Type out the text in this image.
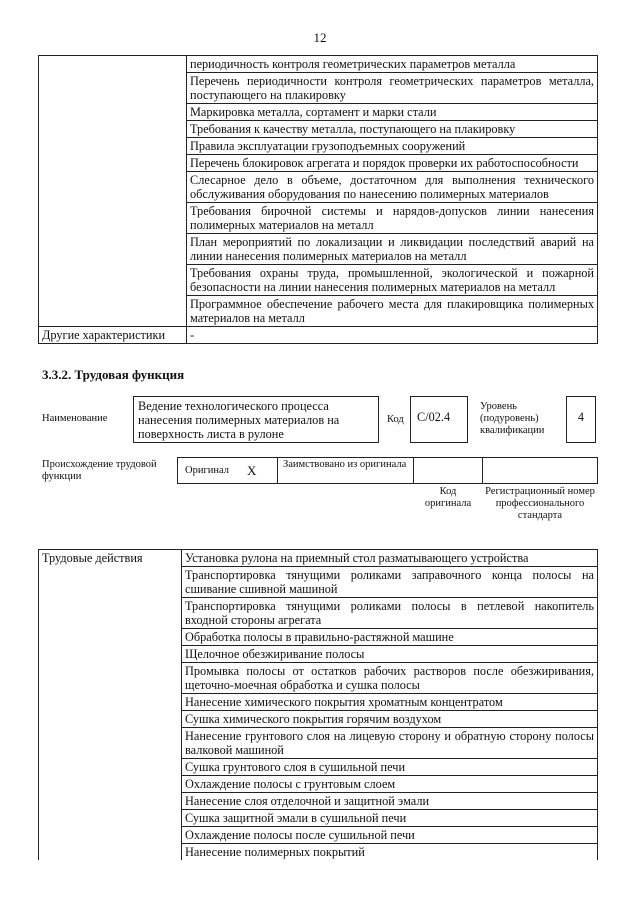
12
	периодичность контроля геометрических параметров металла
	Перечень периодичности контроля геометрических параметров металла, поступающего на плакировку
	Маркировка металла, сортамент и марки стали
	Требования к качеству металла, поступающего на плакировку
	Правила эксплуатации грузоподъемных сооружений
	Перечень блокировок агрегата и порядок проверки их работоспособности
	Слесарное дело в объеме, достаточном для выполнения технического обслуживания оборудования по нанесению полимерных материалов
	Требования бирочной системы и нарядов-допусков линии нанесения полимерных материалов на металл
	План мероприятий по локализации и ликвидации последствий аварий на линии нанесения полимерных материалов на металл
	Требования охраны труда, промышленной, экологической и пожарной безопасности на линии нанесения полимерных материалов на металл
	Программное обеспечение рабочего места для плакировщика полимерных материалов на металл
Другие характеристики	-
3.3.2. Трудовая функция
Наименование
Ведение технологического процесса нанесения полимерных материалов на поверхность листа в рулоне
Код	C/02.4
Уровень (подуровень) квалификации
4
Происхождение трудовой функции
Оригинал X	Заимствовано из оригинала
Код оригинала
Регистрационный номер профессионального стандарта
Трудовые действия	Установка рулона на приемный стол разматывающего устройства
Транспортировка тянущими роликами заправочного конца полосы на сшивание сшивной машиной
Транспортировка тянущими роликами полосы в петлевой накопитель входной стороны агрегата
Обработка полосы в правильно-растяжной машине
Щелочное обезжиривание полосы
Промывка полосы от остатков рабочих растворов после обезжиривания, щеточно-моечная обработка и сушка полосы
Нанесение химического покрытия хроматным концентратом
Сушка химического покрытия горячим воздухом
Нанесение грунтового слоя на лицевую сторону и обратную сторону полосы валковой машиной
Сушка грунтового слоя в сушильной печи
Охлаждение полосы с грунтовым слоем
Нанесение слоя отделочной и защитной эмали
Сушка защитной эмали в сушильной печи
Охлаждение полосы после сушильной печи
Нанесение полимерных покрытий
